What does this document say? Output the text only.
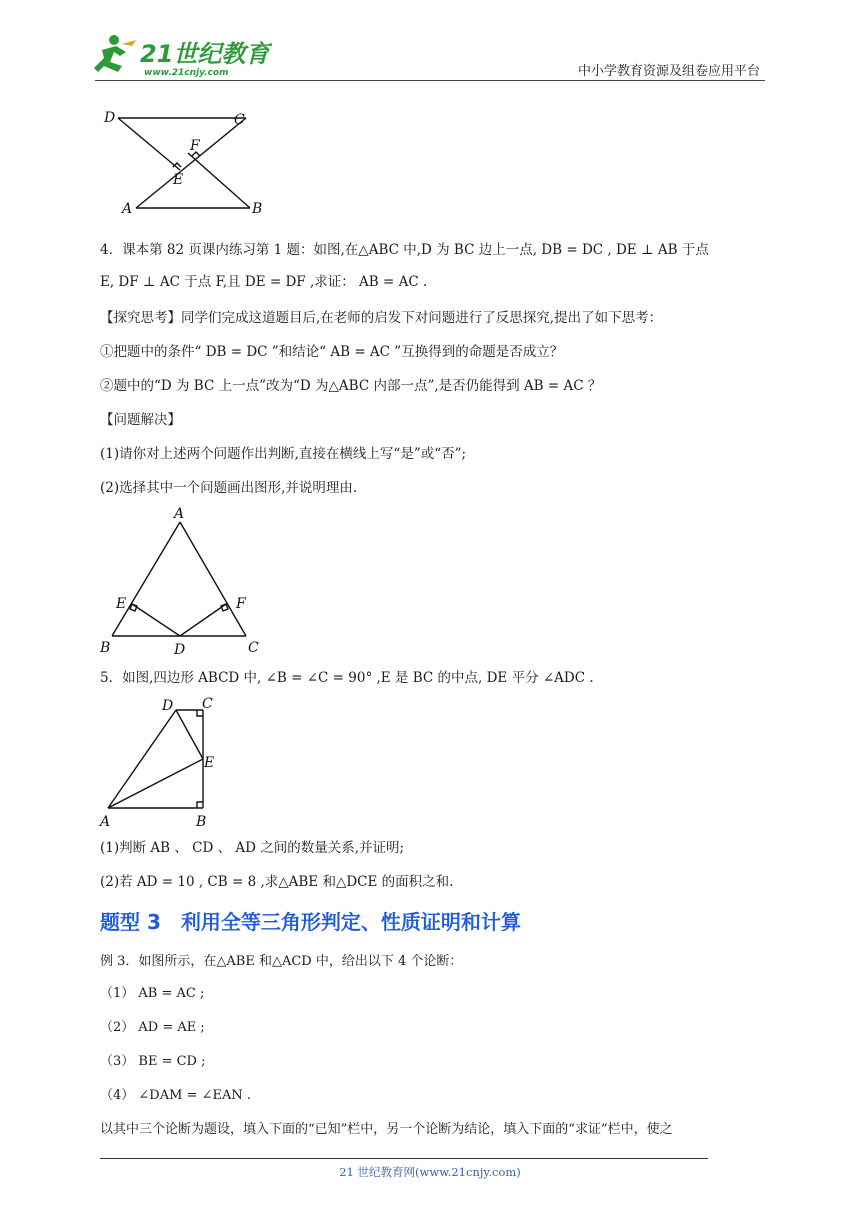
21世纪教育
www.21cnjy.com	中小学教育资源及组卷应用平台
D	C
F
E
A	B
4．课本第 82 页课内练习第 1 题：如图,在△ABC 中,D 为 BC 边上一点, DB = DC , DE ⊥ AB 于点
E, DF ⊥ AC 于点 F,且 DE = DF ,求证： AB = AC .
【探究思考】同学们完成这道题目后,在老师的启发下对问题进行了反思探究,提出了如下思考：
①把题中的条件“ DB = DC ”和结论“ AB = AC ”互换得到的命题是否成立？
②题中的“D 为 BC 上一点”改为“D 为△ABC 内部一点”,是否仍能得到 AB = AC ？
【问题解决】
(1)请你对上述两个问题作出判断,直接在横线上写“是”或“否”;
(2)选择其中一个问题画出图形,并说明理由.
A
E	F
B	D	C
5．如图,四边形 ABCD 中, ∠B = ∠C = 90° ,E 是 BC 的中点, DE 平分 ∠ADC .
D C
E
A	B
(1)判断 AB 、 CD 、 AD 之间的数量关系,并证明;
(2)若 AD = 10 , CB = 8 ,求△ABE 和△DCE 的面积之和.
题型 3　利用全等三角形判定、性质证明和计算
例 3．如图所示，在△ABE 和△ACD 中，给出以下 4 个论断：
（1） AB = AC ;
（2） AD = AE ;
（3） BE = CD ;
（4） ∠DAM = ∠EAN .
以其中三个论断为题设，填入下面的“已知”栏中，另一个论断为结论，填入下面的“求证”栏中，使之
21 世纪教育网(www.21cnjy.com)
